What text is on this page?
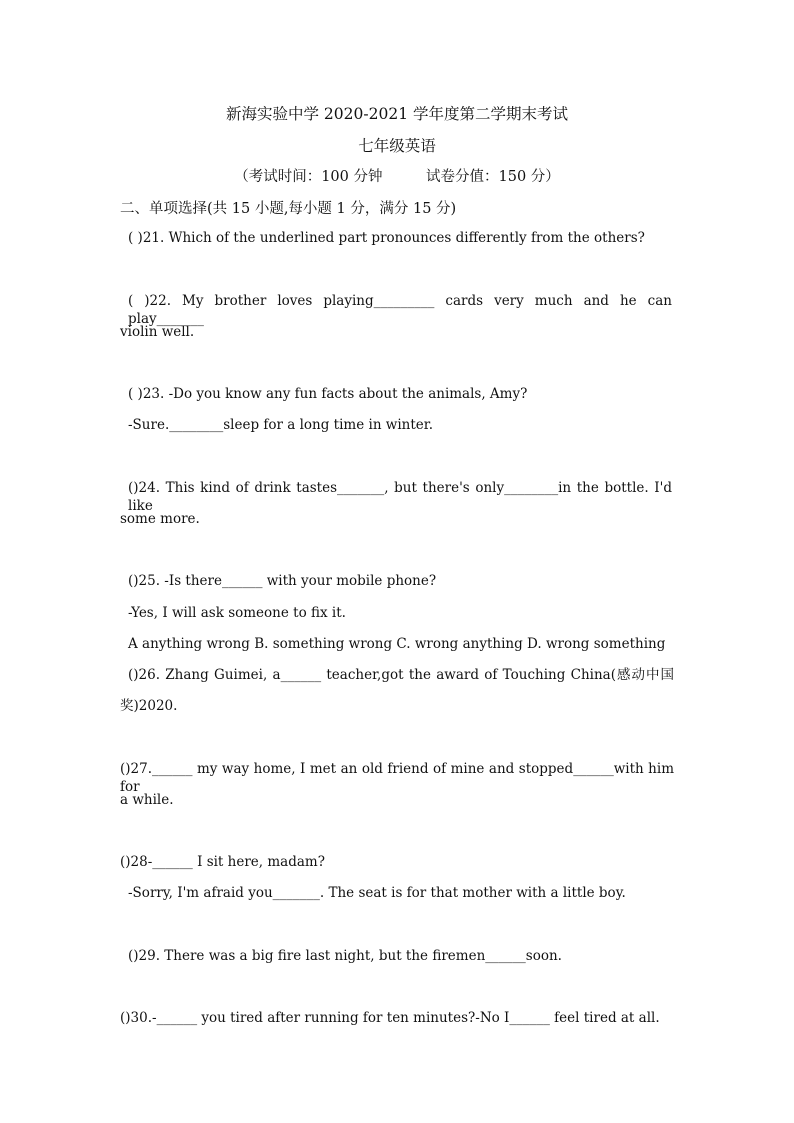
新海实验中学 2020-2021 学年度第二学期末考试
七年级英语
（考试时间：100 分钟　　　试卷分值：150 分）
二、单项选择(共 15 小题,每小题 1 分，满分 15 分)
( )21. Which of the underlined part pronounces differently from the others?
( )22. My brother loves playing_________ cards very much and he can play_______
violin well.
( )23. -Do you know any fun facts about the animals, Amy?
-Sure.________sleep for a long time in winter.
()24. This kind of drink tastes_______, but there's only________in the bottle. I'd like
some more.
()25. -Is there______ with your mobile phone?
-Yes, I will ask someone to fix it.
A anything wrong B. something wrong C. wrong anything D. wrong something
()26. Zhang Guimei, a______ teacher,got the award of Touching China(感动中国
奖)2020.
()27.______ my way home, I met an old friend of mine and stopped______with him for
a while.
()28-______ I sit here, madam?
-Sorry, I'm afraid you_______. The seat is for that mother with a little boy.
()29. There was a big fire last night, but the firemen______soon.
()30.-______ you tired after running for ten minutes?-No I______ feel tired at all.
